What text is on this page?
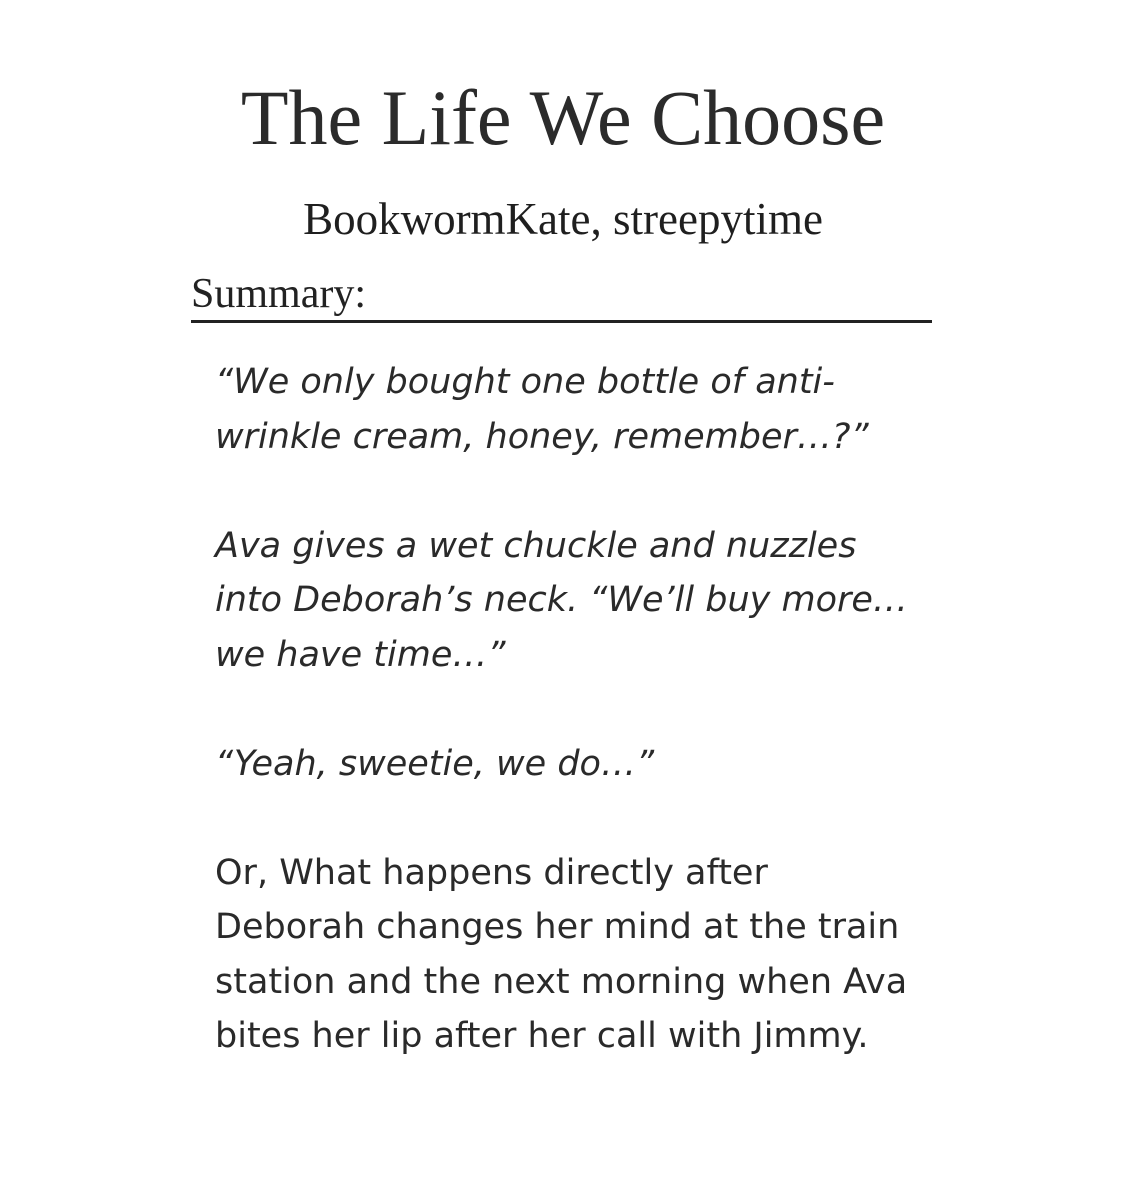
The Life We Choose
BookwormKate, streepytime
Summary:

“We only bought one bottle of anti-wrinkle cream, honey, remember…?”

Ava gives a wet chuckle and nuzzles into Deborah’s neck. “We’ll buy more…we have time…”

“Yeah, sweetie, we do…”

Or, What happens directly after Deborah changes her mind at the train station and the next morning when Ava bites her lip after her call with Jimmy.
